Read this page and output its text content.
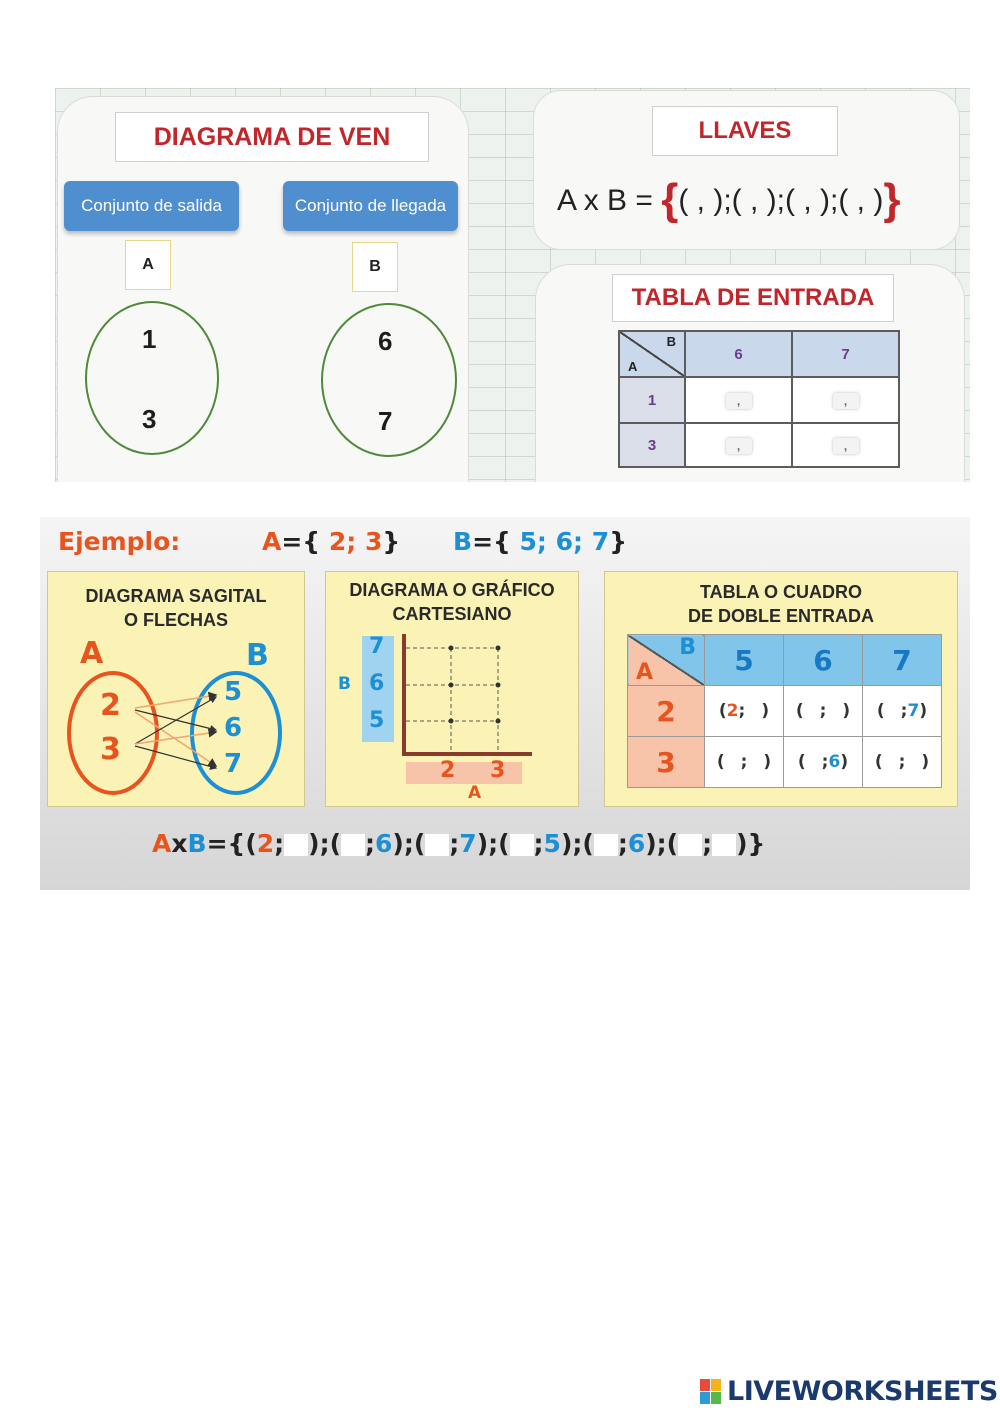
DIAGRAMA DE VEN
Conjunto de salida	Conjunto de llegada
A	B
1
3
6
7
LLAVES
TABLA DE ENTRADA
A x B = {( , );( , );( , );( , )}
B
A	6	7
1	,	,
3	,	,
Ejemplo:	A={ 2; 3} B={ 5; 6; 7}
DIAGRAMA SAGITAL
O FLECHAS
A	B
2
3
5
6
7
DIAGRAMA O GRÁFICO
CARTESIANO
B
7
6
5
2 3
A
TABLA O CUADRO
DE DOBLE ENTRADA
B
A	5	6	7
2	(2; )	( ; )	( ;7)
3	( ; )	( ;6)	( ; )
AxB={(2; );( ;6);( ;7);( ;5);( ;6);( ; )}
LIVEWORKSHEETS
